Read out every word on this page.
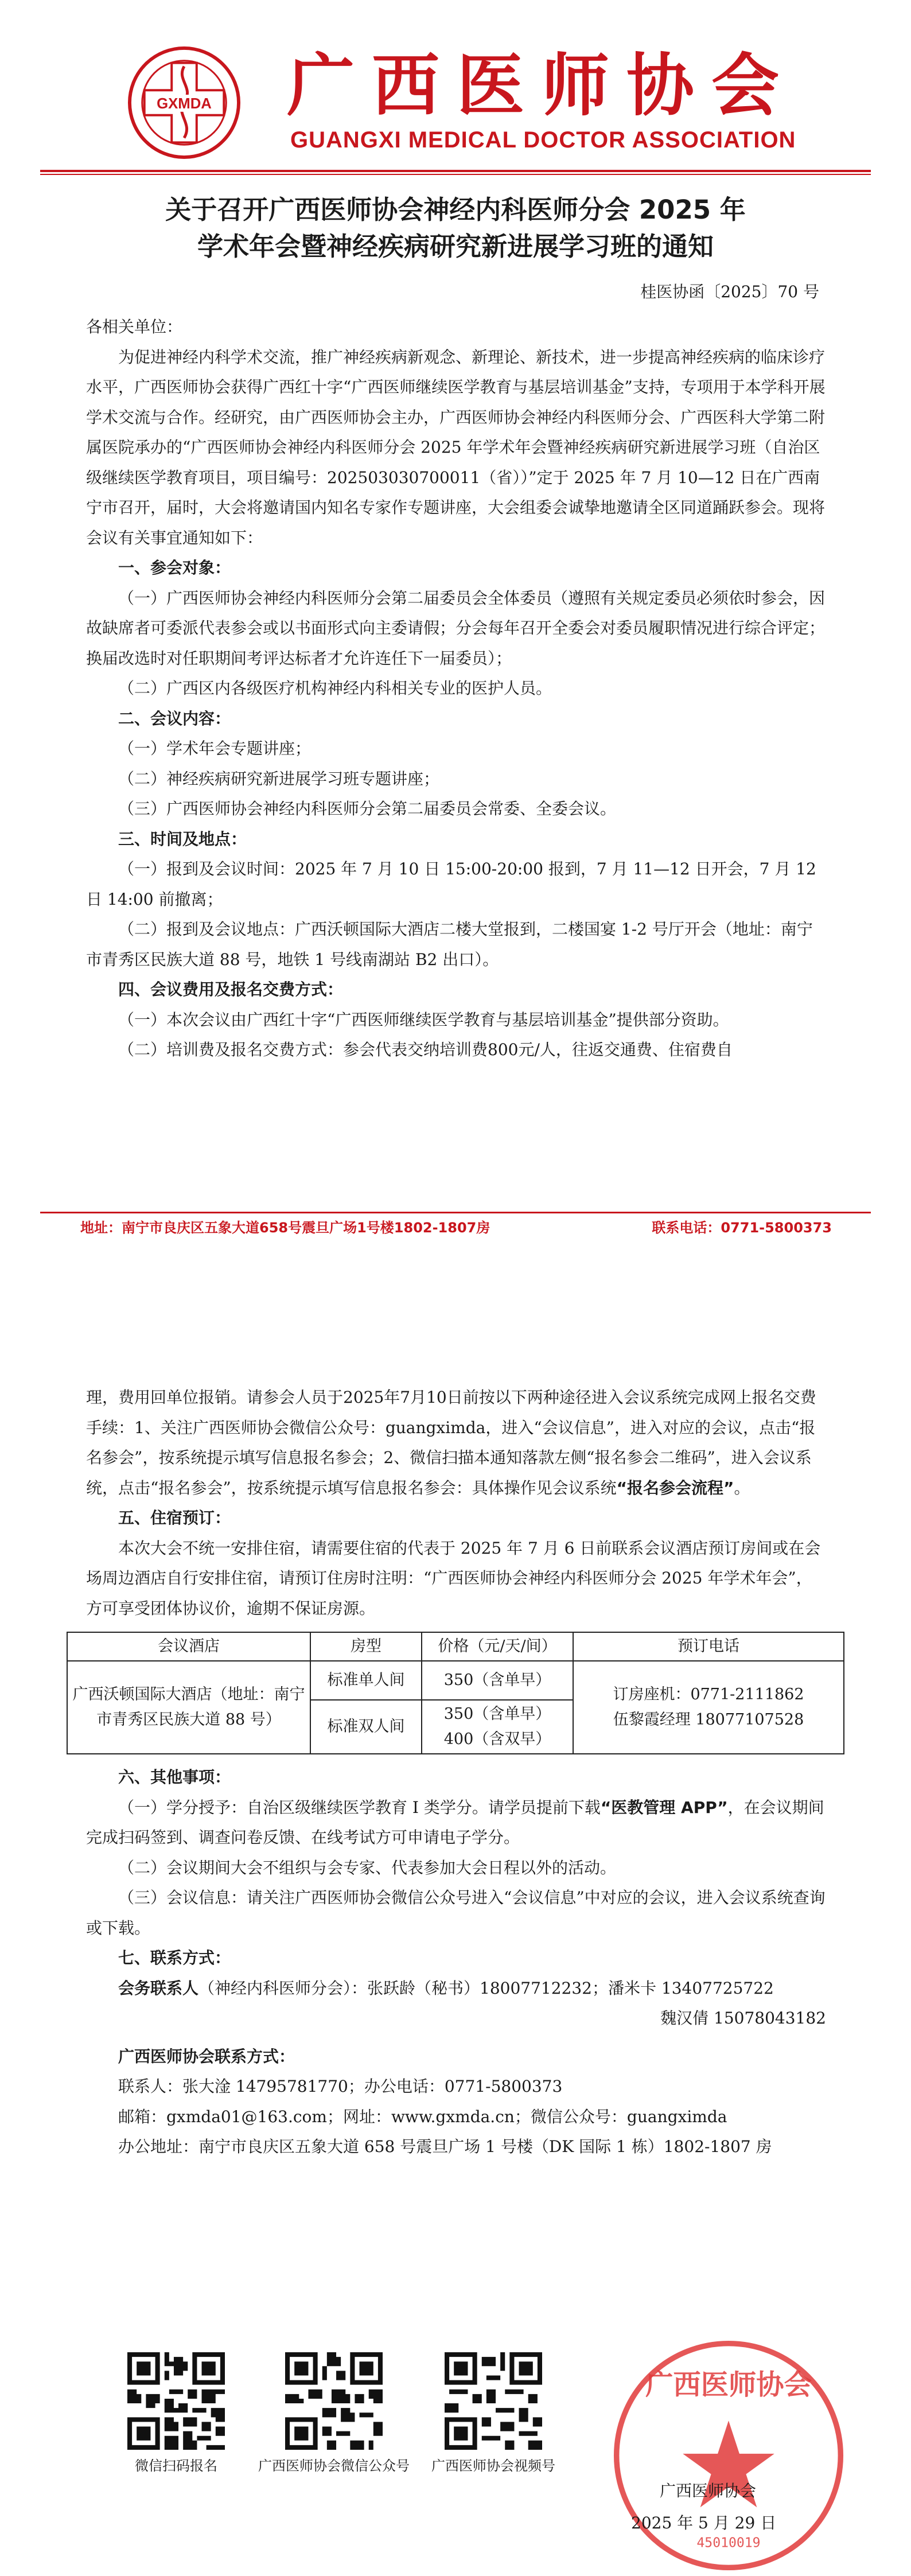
GXMDA 广西医师协会
GUANGXI MEDICAL DOCTOR ASSOCIATION
关于召开广西医师协会神经内科医师分会 2025 年
学术年会暨神经疾病研究新进展学习班的通知
桂医协函〔2025〕70 号

各相关单位：

为促进神经内科学术交流，推广神经疾病新观念、新理论、新技术，进一步提高神经疾病的临床诊疗水平，广西医师协会获得广西红十字“广西医师继续医学教育与基层培训基金”支持，专项用于本学科开展学术交流与合作。经研究，由广西医师协会主办，广西医师协会神经内科医师分会、广西医科大学第二附属医院承办的“广西医师协会神经内科医师分会 2025 年学术年会暨神经疾病研究新进展学习班（自治区级继续医学教育项目，项目编号：202503030700011（省））”定于 2025 年 7 月 10—12 日在广西南宁市召开，届时，大会将邀请国内知名专家作专题讲座，大会组委会诚挚地邀请全区同道踊跃参会。现将会议有关事宜通知如下：

一、参会对象：

（一）广西医师协会神经内科医师分会第二届委员会全体委员（遵照有关规定委员必须依时参会，因故缺席者可委派代表参会或以书面形式向主委请假；分会每年召开全委会对委员履职情况进行综合评定；换届改选时对任职期间考评达标者才允许连任下一届委员）；

（二）广西区内各级医疗机构神经内科相关专业的医护人员。

二、会议内容：

（一）学术年会专题讲座；

（二）神经疾病研究新进展学习班专题讲座；

（三）广西医师协会神经内科医师分会第二届委员会常委、全委会议。

三、时间及地点：

（一）报到及会议时间：2025 年 7 月 10 日 15:00-20:00 报到，7 月 11—12 日开会，7 月 12 日 14:00 前撤离；

（二）报到及会议地点：广西沃顿国际大酒店二楼大堂报到，二楼国宴 1-2 号厅开会（地址：南宁市青秀区民族大道 88 号，地铁 1 号线南湖站 B2 出口）。

四、会议费用及报名交费方式：

（一）本次会议由广西红十字“广西医师继续医学教育与基层培训基金”提供部分资助。

（二）培训费及报名交费方式：参会代表交纳培训费800元/人，往返交通费、住宿费自

地址：南宁市良庆区五象大道658号震旦广场1号楼1802-1807房	联系电话：0771-5800373

理，费用回单位报销。请参会人员于2025年7月10日前按以下两种途径进入会议系统完成网上报名交费手续：1、关注广西医师协会微信公众号：guangximda，进入“会议信息”，进入对应的会议，点击“报名参会”，按系统提示填写信息报名参会；2、微信扫描本通知落款左侧“报名参会二维码”，进入会议系统，点击“报名参会”，按系统提示填写信息报名参会：具体操作见会议系统“报名参会流程”。

五、住宿预订：

本次大会不统一安排住宿，请需要住宿的代表于 2025 年 7 月 6 日前联系会议酒店预订房间或在会场周边酒店自行安排住宿，请预订住房时注明：“广西医师协会神经内科医师分会 2025 年学术年会”，方可享受团体协议价，逾期不保证房源。

会议酒店	房型	价格（元/天/间）	预订电话
广西沃顿国际大酒店（地址：南宁市青秀区民族大道 88 号）	标准单人间	350（含单早）	订房座机：0771-2111862
伍黎霞经理 18077107528

	标准双人间	350（含单早）
400（含双早）	

六、其他事项：

（一）学分授予：自治区级继续医学教育 I 类学分。请学员提前下载“医教管理 APP”，在会议期间完成扫码签到、调查问卷反馈、在线考试方可申请电子学分。

（二）会议期间大会不组织与会专家、代表参加大会日程以外的活动。

（三）会议信息：请关注广西医师协会微信公众号进入“会议信息”中对应的会议，进入会议系统查询或下载。

七、联系方式：

会务联系人（神经内科医师分会）：张跃龄（秘书）18007712232；潘米卡 13407725722

魏汉倩 15078043182

广西医师协会联系方式：

联系人：张大淦 14795781770；办公电话：0771-5800373

邮箱：gxmda01@163.com；网址：www.gxmda.cn；微信公众号：guangximda

办公地址：南宁市良庆区五象大道 658 号震旦广场 1 号楼（DK 国际 1 栋）1802-1807 房

微信扫码报名	广西医师协会微信公众号	广西医师协会视频号
广西医师协会
45010019
广西医师协会
2025 年 5 月 29 日
